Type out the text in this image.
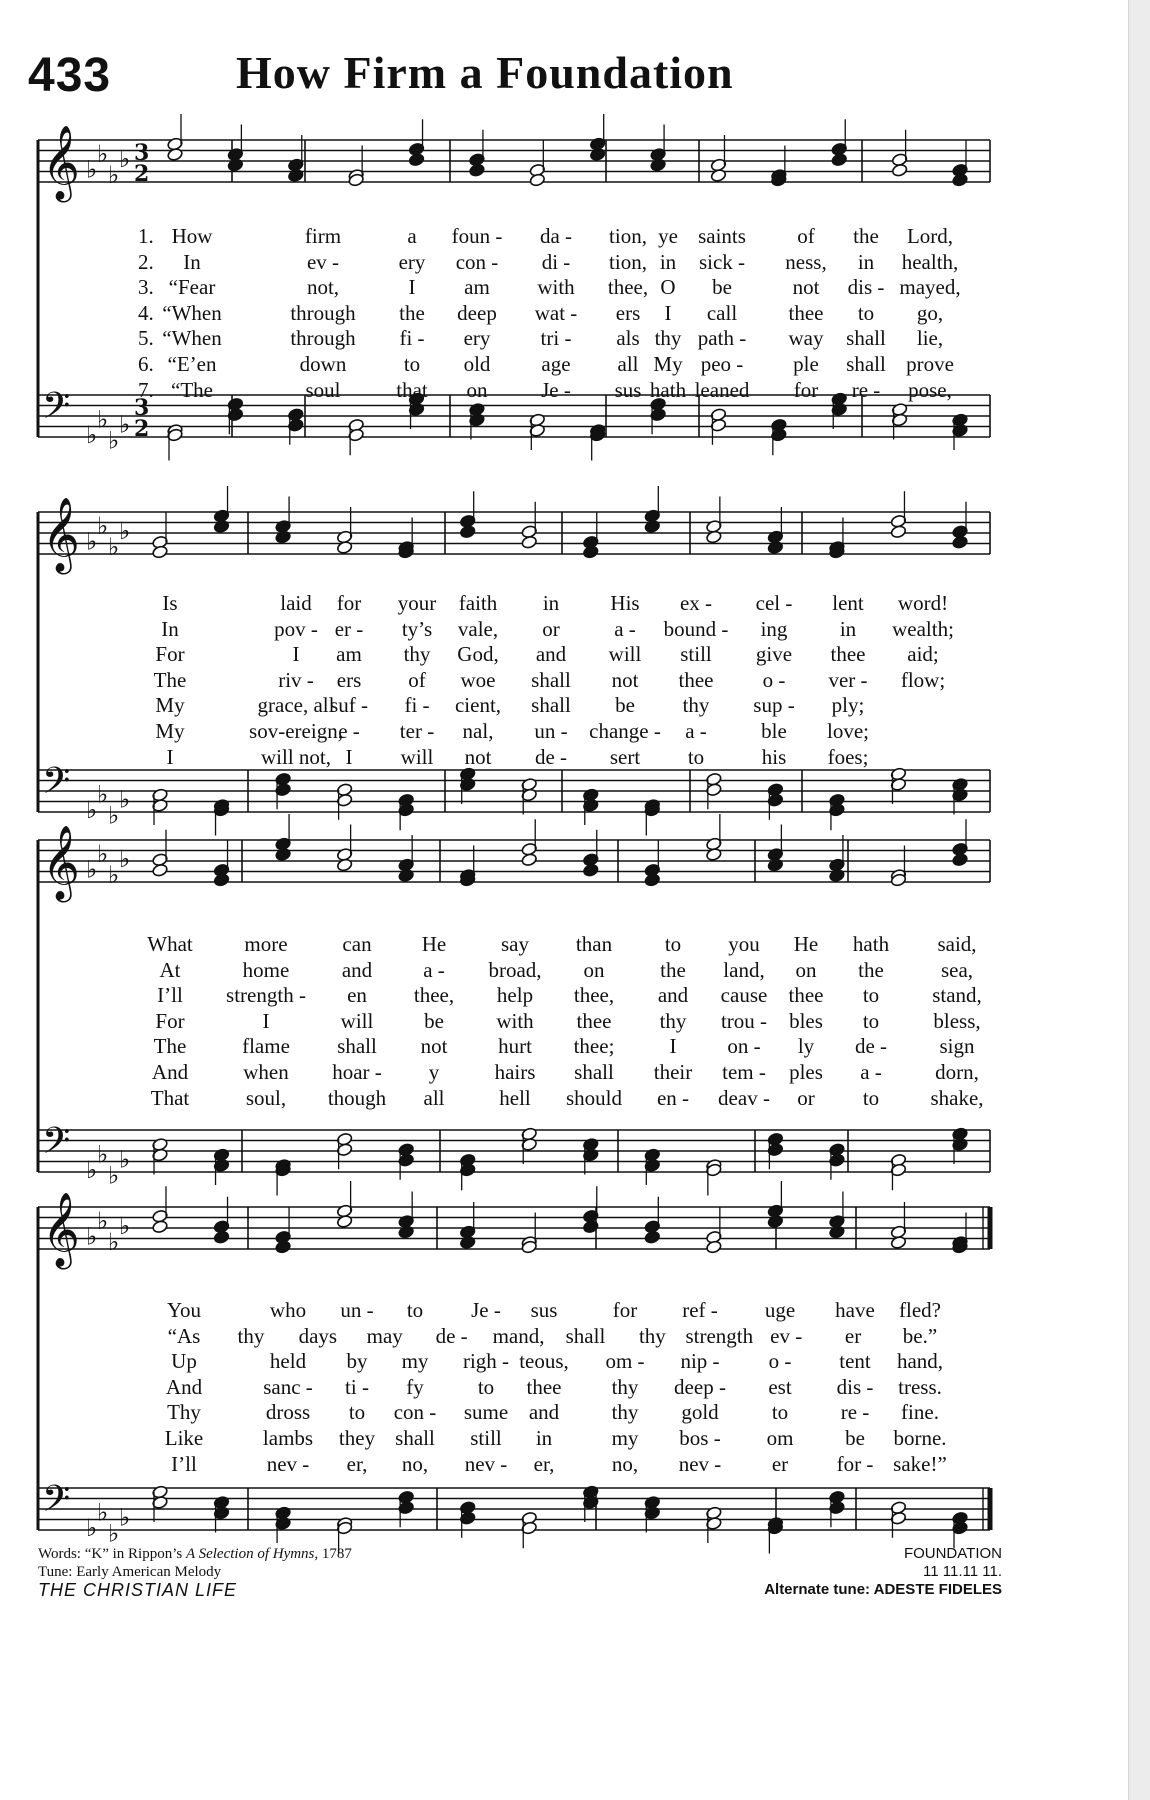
433	How Firm a Foundation
𝄞 ♭
♭
♭
♭ 3
2
𝄢 ♭
♭
♭
♭
3
2
𝄞 ♭
♭
♭
♭
𝄢 ♭
♭
♭
♭
𝄞 ♭
♭
♭
♭
𝄢 ♭
♭
♭
♭
𝄞 ♭
♭
♭
♭
𝄢 ♭
♭
♭
♭
1. How	firm	a foun - da - tion, ye saints of the Lord,
2. In	ev -	ery con - di - tion, in sick - ness, in health,
3. “Fear	not,	I am with thee, O be	not dis - mayed,
4. “When	through the deep wat - ers I call thee to go,
5. “When	through fi - ery tri - als thy path - way shall lie,
6. “E’en	down	to old age all My peo - ple shall prove
7. “The	soul	that on	Je - sus hath leaned for re - pose,
Is	laid for your faith in His ex - cel - lent word!
In	pov - er - ty’s vale, or	a - bound - ing in wealth;
For	I am thy God, and will still give thee aid;
The	riv - ers of woe shall not thee o - ver - flow;
My	grace, all
suf - fi - cient, shall be thy sup - ply;
My	sov-ereign,
e - ter - nal, un - change - a -	ble love;
I	will not, I will not de - sert to	his foes;
What more	can He	say than	to you He hath said,
At	home	and a - broad, on	the land, on the	sea,
I’ll strength - en thee, help thee, and cause thee to	stand,
For	I	will be with thee thy trou - bles to	bless,
The	flame shall not hurt thee;	I on - ly de - sign
And	when hoar - y	hairs shall their tem - ples a -	dorn,
That	soul, though all	hell should en - deav - or to shake,
You	who un - to Je - sus	for ref - uge have fled?
“As thy days may de - mand, shall thy strength ev - er be.”
Up	held by my righ - teous, om - nip - o - tent hand,
And	sanc - ti - fy	to thee thy deep - est dis - tress.
Thy	dross to con - sume and thy gold	to	re - fine.
Like	lambs they shall still in	my bos - om be borne.
I’ll	nev - er, no, nev - er,	no, nev - er for - sake!”
Words: “K” in Rippon’s A Selection of Hymns, 1787
Tune: Early American Melody
THE CHRISTIAN LIFE
FOUNDATION
11 11.11 11.
Alternate tune: ADESTE FIDELES
